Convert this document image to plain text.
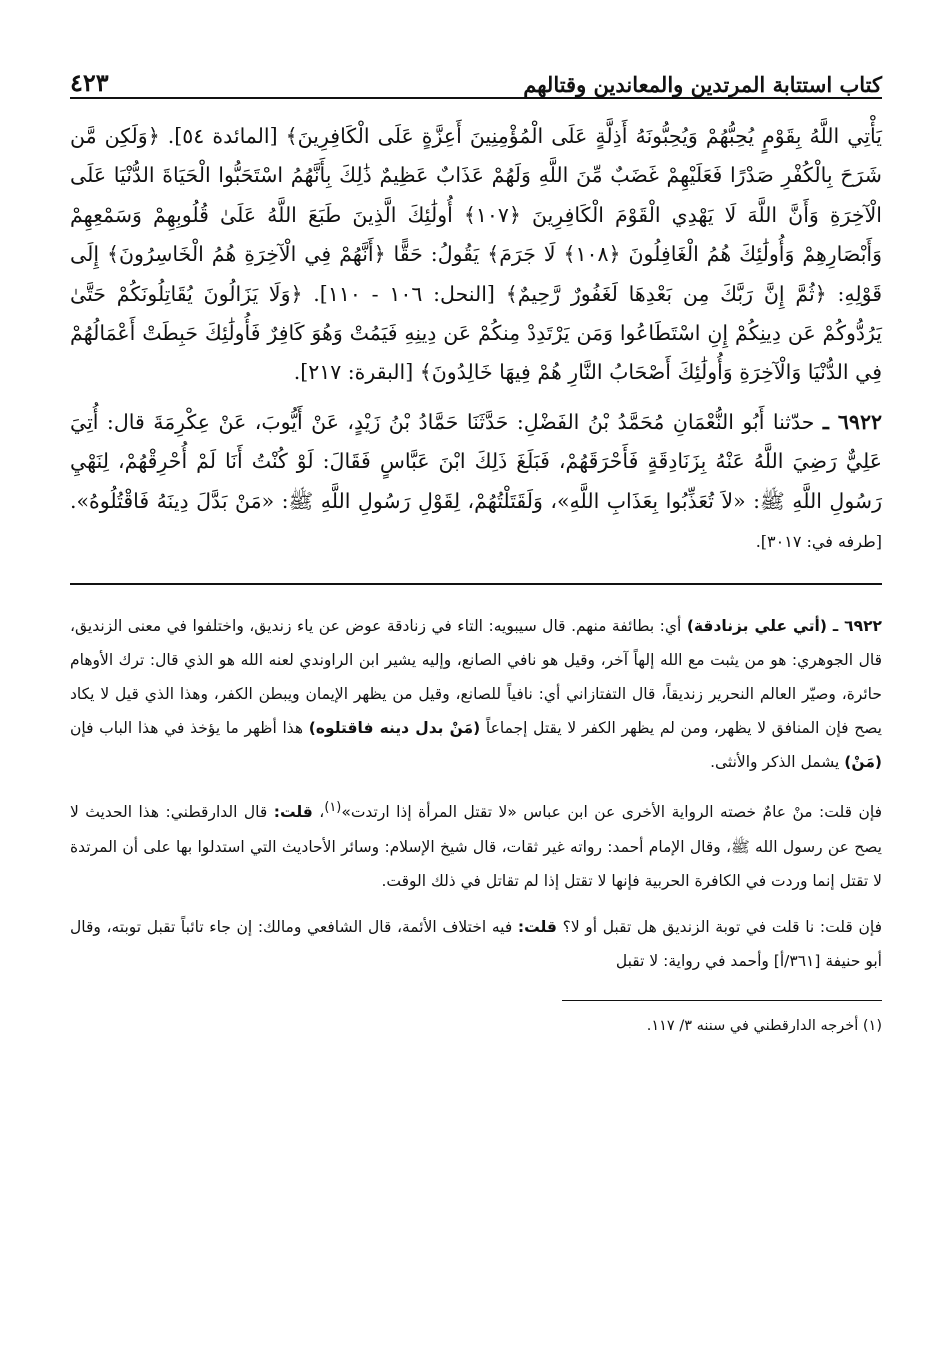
كتاب استتابة المرتدين والمعاندين وقتالهم
٤٢٣
يَأْتِي اللَّهُ بِقَوْمٍ يُحِبُّهُمْ وَيُحِبُّونَهُ أَذِلَّةٍ عَلَى الْمُؤْمِنِينَ أَعِزَّةٍ عَلَى الْكَافِرِينَ﴾ [المائدة ٥٤]. ﴿وَلَكِن مَّن شَرَحَ بِالْكُفْرِ صَدْرًا فَعَلَيْهِمْ غَضَبٌ مِّنَ اللَّهِ وَلَهُمْ عَذَابٌ عَظِيمٌ ذَٰلِكَ بِأَنَّهُمُ اسْتَحَبُّوا الْحَيَاةَ الدُّنْيَا عَلَى الْآخِرَةِ وَأَنَّ اللَّهَ لَا يَهْدِي الْقَوْمَ الْكَافِرِينَ ﴿١٠٧﴾ أُولَٰئِكَ الَّذِينَ طَبَعَ اللَّهُ عَلَىٰ قُلُوبِهِمْ وَسَمْعِهِمْ وَأَبْصَارِهِمْ وَأُولَٰئِكَ هُمُ الْغَافِلُونَ ﴿١٠٨﴾ لَا جَرَمَ﴾ يَقُولُ: حَقًّا ﴿أَنَّهُمْ فِي الْآخِرَةِ هُمُ الْخَاسِرُونَ﴾ إِلَى قَوْلِهِ: ﴿ثُمَّ إِنَّ رَبَّكَ مِن بَعْدِهَا لَغَفُورٌ رَّحِيمٌ﴾ [النحل: ١٠٦ - ١١٠]. ﴿وَلَا يَزَالُونَ يُقَاتِلُونَكُمْ حَتَّىٰ يَرُدُّوكُمْ عَن دِينِكُمْ إِنِ اسْتَطَاعُوا وَمَن يَرْتَدِدْ مِنكُمْ عَن دِينِهِ فَيَمُتْ وَهُوَ كَافِرٌ فَأُولَٰئِكَ حَبِطَتْ أَعْمَالُهُمْ فِي الدُّنْيَا وَالْآخِرَةِ وَأُولَٰئِكَ أَصْحَابُ النَّارِ هُمْ فِيهَا خَالِدُونَ﴾ [البقرة: ٢١٧].
٦٩٢٢ ـ حدّثنا أَبُو النُّعْمَانِ مُحَمَّدُ بْنُ الفَضْلِ: حَدَّثَنَا حَمَّادُ بْنُ زَيْدٍ، عَنْ أَيُّوبَ، عَنْ عِكْرِمَةَ قال: أُتِيَ عَلِيٌّ رَضِيَ اللَّهُ عَنْهُ بِزَنَادِقَةٍ فَأَحْرَقَهُمْ، فَبَلَغَ ذَلِكَ ابْنَ عَبَّاسٍ فَقَالَ: لَوْ كُنْتُ أَنَا لَمْ أُحْرِقْهُمْ، لِنَهْيِ رَسُولِ اللَّهِ ﷺ: «لاَ تُعَذِّبُوا بِعَذَابِ اللَّهِ»، وَلَقَتَلْتُهُمْ، لِقَوْلِ رَسُولِ اللَّهِ ﷺ: «مَنْ بَدَّلَ دِينَهُ فَاقْتُلُوهُ». [طرفه في: ٣٠١٧].

٦٩٢٢ ـ (أتي علي بزنادقة) أي: بطائفة منهم. قال سيبويه: التاء في زنادقة عوض عن ياء زنديق، واختلفوا في معنى الزنديق، قال الجوهري: هو من يثبت مع الله إلهاً آخر، وقيل هو نافي الصانع، وإليه يشير ابن الراوندي لعنه الله هو الذي قال: ترك الأوهام حائرة، وصيّر العالم النحرير زنديقاً، قال التفتازاني أي: نافياً للصانع، وقيل من يظهر الإيمان ويبطن الكفر، وهذا الذي قيل لا يكاد يصح فإن المنافق لا يظهر، ومن لم يظهر الكفر لا يقتل إجماعاً (مَنْ بدل دينه فاقتلوه) هذا أظهر ما يؤخذ في هذا الباب فإن (مَنْ) يشمل الذكر والأنثى.

فإن قلت: منْ عامٌ خصته الرواية الأخرى عن ابن عباس «لا تقتل المرأة إذا ارتدت»$^{(١)}$، قلت: قال الدارقطني: هذا الحديث لا يصح عن رسول الله ﷺ، وقال الإمام أحمد: رواته غير ثقات، قال شيخ الإسلام: وسائر الأحاديث التي استدلوا بها على أن المرتدة لا تقتل إنما وردت في الكافرة الحربية فإنها لا تقتل إذا لم تقاتل في ذلك الوقت.

فإن قلت: نا قلت في توبة الزنديق هل تقبل أو لا؟ قلت: فيه اختلاف الأئمة، قال الشافعي ومالك: إن جاء تائباً تقبل توبته، وقال أبو حنيفة [٣٦١/أ] وأحمد في رواية: لا تقبل

(١) أخرجه الدارقطني في سننه ٣/ ١١٧.
